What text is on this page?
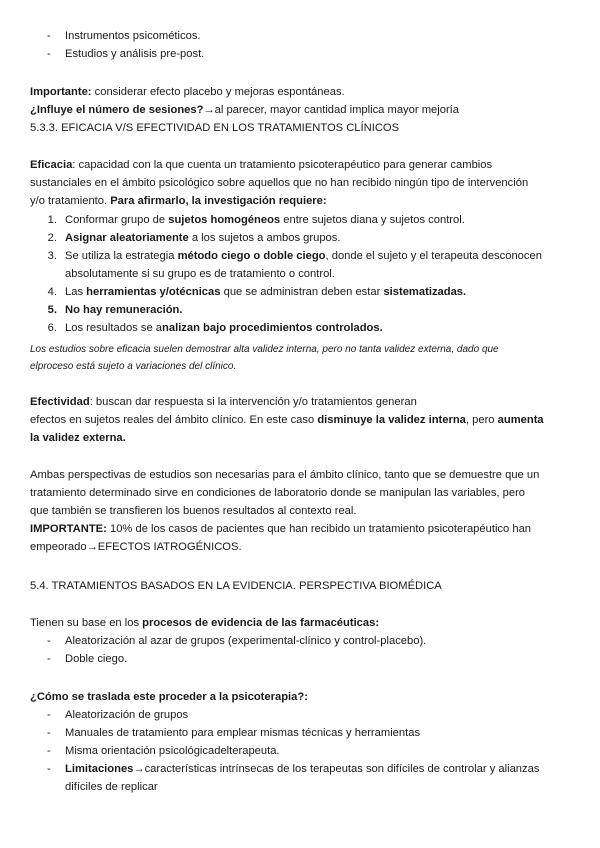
- Instrumentos psicométicos.
- Estudios y análisis pre-post.
Importante: considerar efecto placebo y mejoras espontáneas.
¿Influye el número de sesiones?→al parecer, mayor cantidad implica mayor mejoría
5.3.3. EFICACIA V/S EFECTIVIDAD EN LOS TRATAMIENTOS CLÍNICOS
Eficacia: capacidad con la que cuenta un tratamiento psicoterapéutico para generar cambios
sustanciales en el ámbito psicológico sobre aquellos que no han recibido ningún tipo de intervención
y/o tratamiento. Para afirmarlo, la investigación requiere:
1. Conformar grupo de sujetos homogéneos entre sujetos diana y sujetos control.
2. Asignar aleatoriamente a los sujetos a ambos grupos.
3. Se utiliza la estrategia método ciego o doble ciego, donde el sujeto y el terapeuta desconocen
absolutamente si su grupo es de tratamiento o control.
4. Las herramientas y/otécnicas que se administran deben estar sistematizadas.
5. No hay remuneración.
6. Los resultados se analizan bajo procedimientos controlados.
Los estudios sobre eficacia suelen demostrar alta validez interna, pero no tanta validez externa, dado que
elproceso está sujeto a variaciones del clínico.
Efectividad: buscan dar respuesta si la intervención y/o tratamientos generan
efectos en sujetos reales del ámbito clínico. En este caso disminuye la validez interna, pero aumenta
la validez externa.
Ambas perspectivas de estudios son necesarias para el ámbito clínico, tanto que se demuestre que un
tratamiento determinado sirve en condiciones de laboratorio donde se manipulan las variables, pero
que también se transfieren los buenos resultados al contexto real.
IMPORTANTE: 10% de los casos de pacientes que han recibido un tratamiento psicoterapéutico han
empeorado→EFECTOS IATROGÉNICOS.
5.4. TRATAMIENTOS BASADOS EN LA EVIDENCIA. PERSPECTIVA BIOMÉDICA
Tienen su base en los procesos de evidencia de las farmacéuticas:
- Aleatorización al azar de grupos (experimental-clínico y control-placebo).
- Doble ciego.
¿Cómo se traslada este proceder a la psicoterapia?:
- Aleatorización de grupos
- Manuales de tratamiento para emplear mismas técnicas y herramientas
- Misma orientación psicológicadelterapeuta.
- Limitaciones→características intrínsecas de los terapeutas son difíciles de controlar y alianzas
difíciles de replicar
